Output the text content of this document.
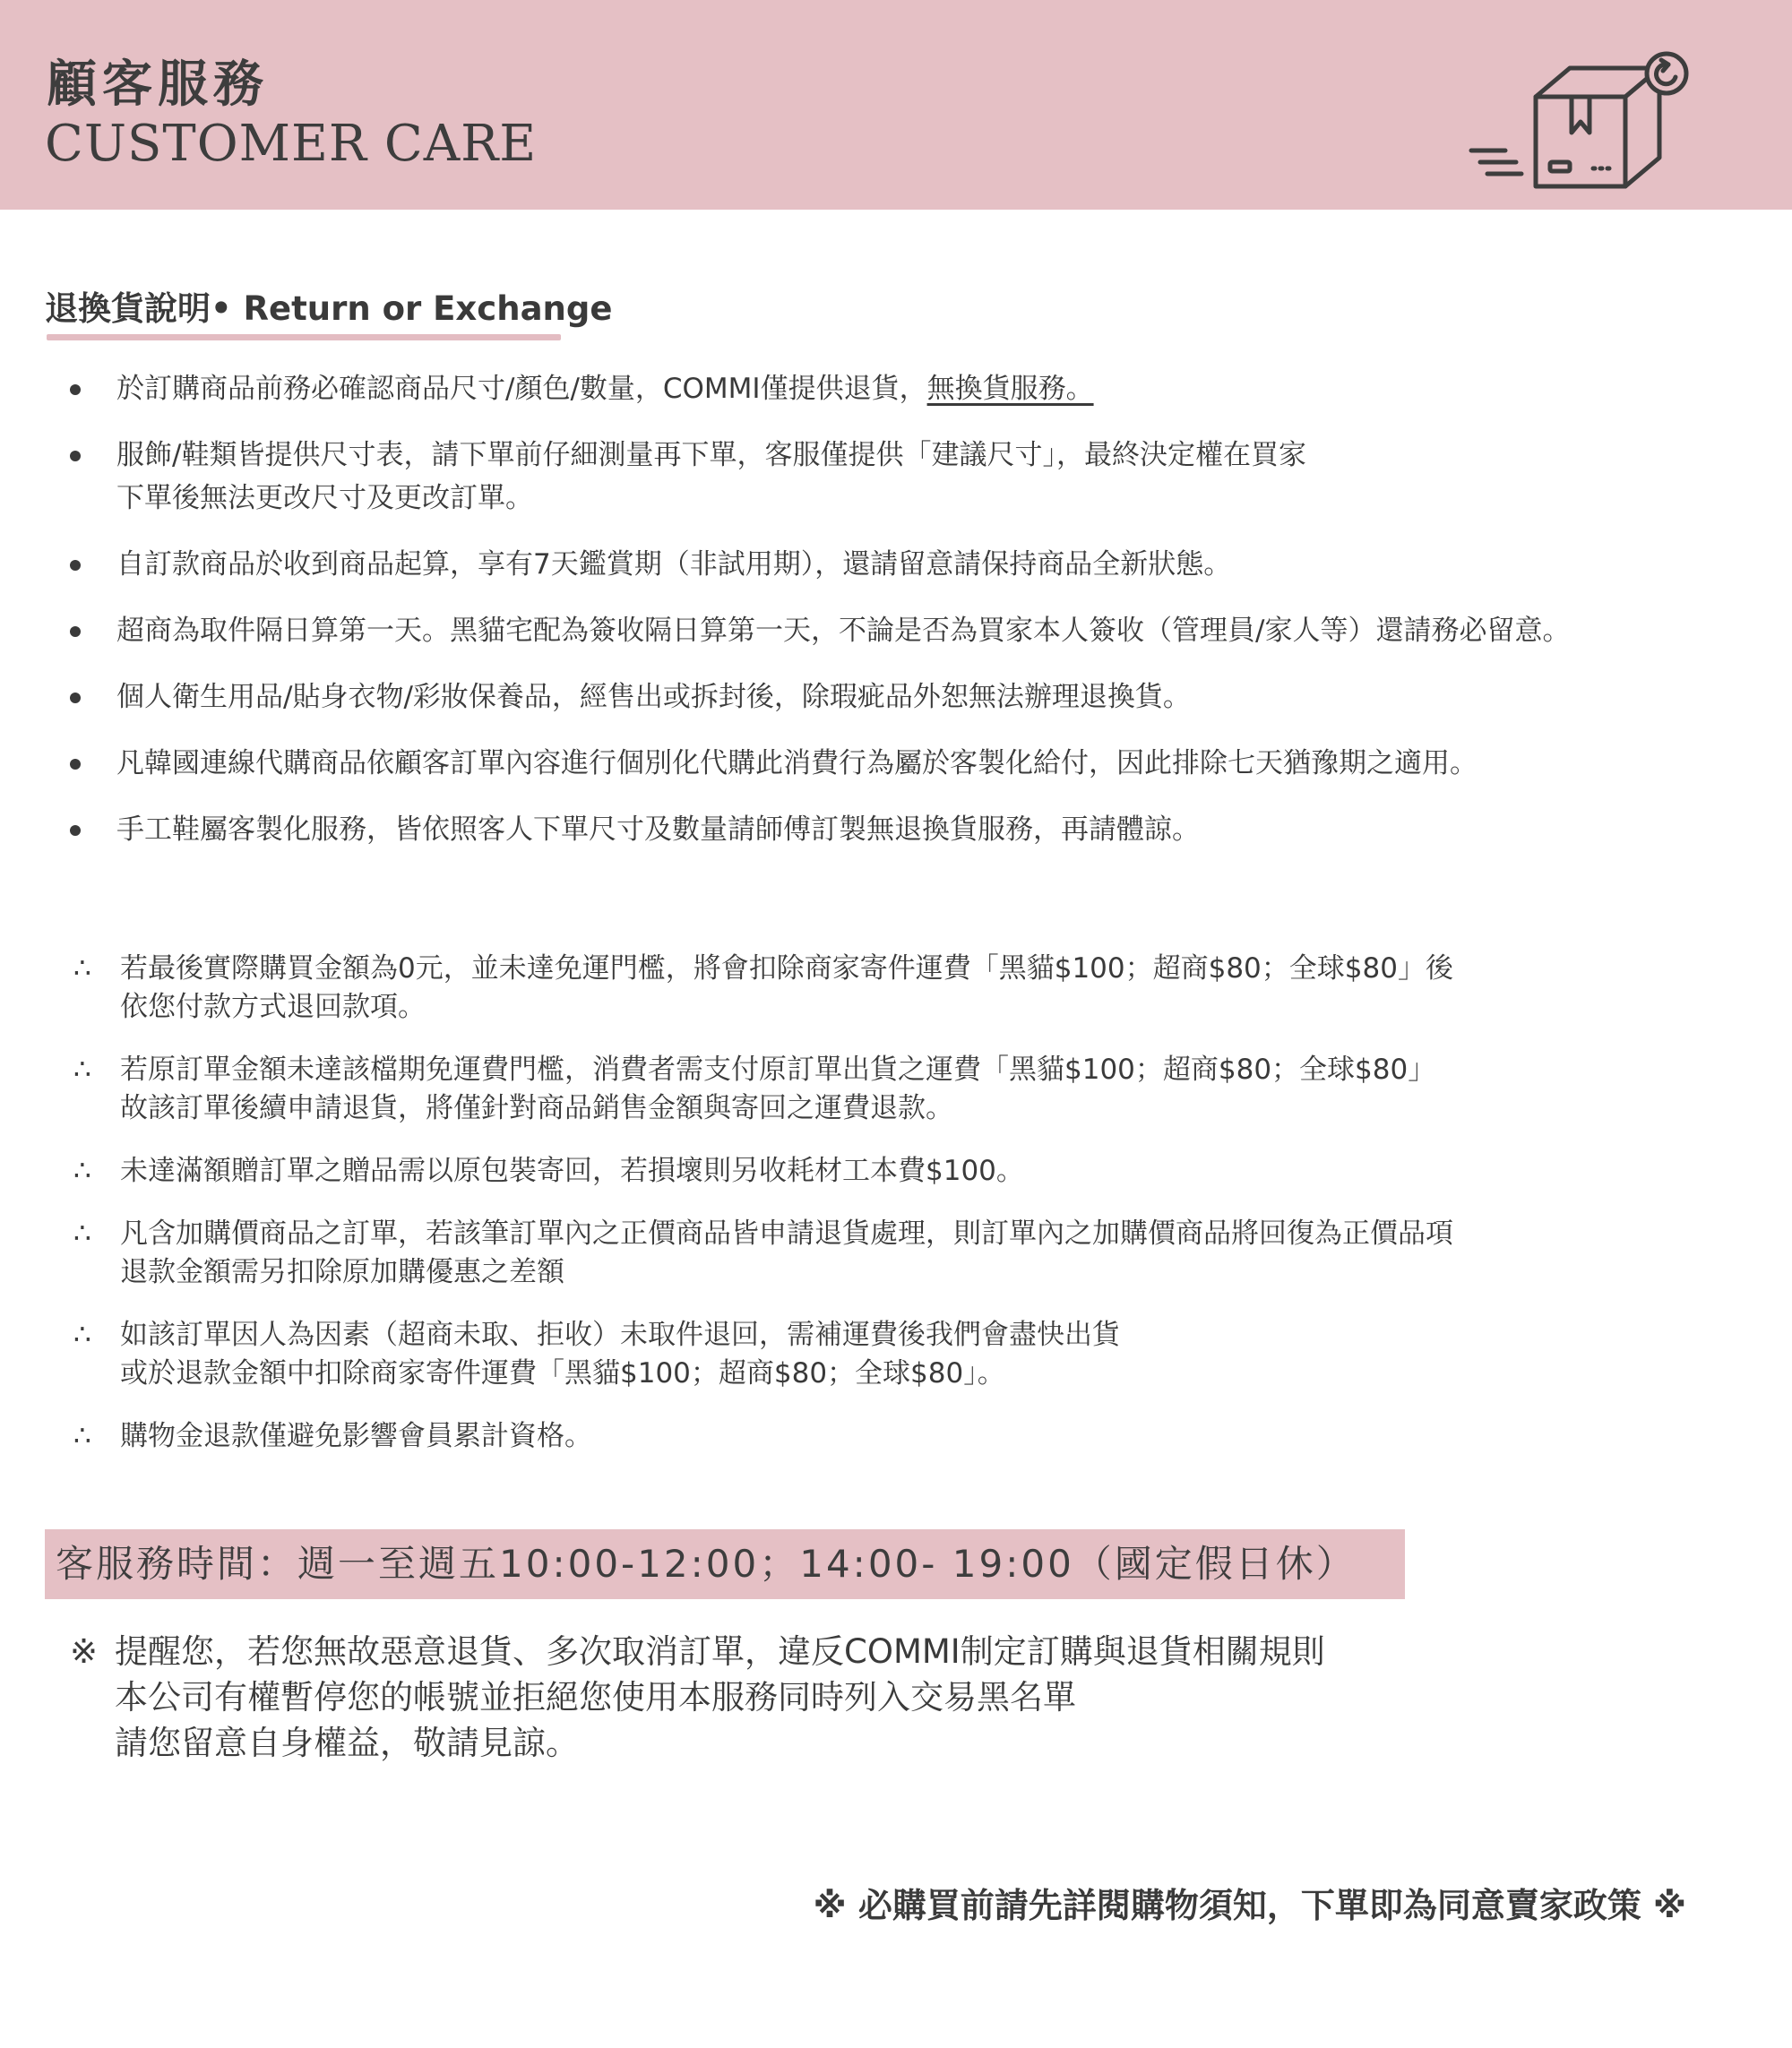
顧客服務
CUSTOMER CARE
退換貨說明• Return or Exchange
於訂購商品前務必確認商品尺寸/顏色/數量，COMMI僅提供退貨，無換貨服務。
服飾/鞋類皆提供尺寸表，請下單前仔細測量再下單，客服僅提供「建議尺寸」，最終決定權在買家
下單後無法更改尺寸及更改訂單。
自訂款商品於收到商品起算，享有7天鑑賞期（非試用期），還請留意請保持商品全新狀態。
超商為取件隔日算第一天。黑貓宅配為簽收隔日算第一天，不論是否為買家本人簽收（管理員/家人等）還請務必留意。
個人衛生用品/貼身衣物/彩妝保養品，經售出或拆封後，除瑕疵品外恕無法辦理退換貨。
凡韓國連線代購商品依顧客訂單內容進行個別化代購此消費行為屬於客製化給付，因此排除七天猶豫期之適用。
手工鞋屬客製化服務，皆依照客人下單尺寸及數量請師傅訂製無退換貨服務，再請體諒。
∴ 若最後實際購買金額為0元，並未達免運門檻，將會扣除商家寄件運費「黑貓$100；超商$80；全球$80」後
依您付款方式退回款項。
∴ 若原訂單金額未達該檔期免運費門檻，消費者需支付原訂單出貨之運費「黑貓$100；超商$80；全球$80」
故該訂單後續申請退貨，將僅針對商品銷售金額與寄回之運費退款。
∴ 未達滿額贈訂單之贈品需以原包裝寄回，若損壞則另收耗材工本費$100。
∴ 凡含加購價商品之訂單，若該筆訂單內之正價商品皆申請退貨處理，則訂單內之加購價商品將回復為正價品項
退款金額需另扣除原加購優惠之差額
∴ 如該訂單因人為因素（超商未取、拒收）未取件退回，需補運費後我們會盡快出貨
或於退款金額中扣除商家寄件運費「黑貓$100；超商$80；全球$80」。
∴ 購物金退款僅避免影響會員累計資格。

客服務時間：週一至週五10:00-12:00；14:00- 19:00（國定假日休）

※ 提醒您，若您無故惡意退貨、多次取消訂單，違反COMMI制定訂購與退貨相關規則
本公司有權暫停您的帳號並拒絕您使用本服務同時列入交易黑名單
請您留意自身權益，敬請見諒。

※ 必購買前請先詳閱購物須知，下單即為同意賣家政策 ※
